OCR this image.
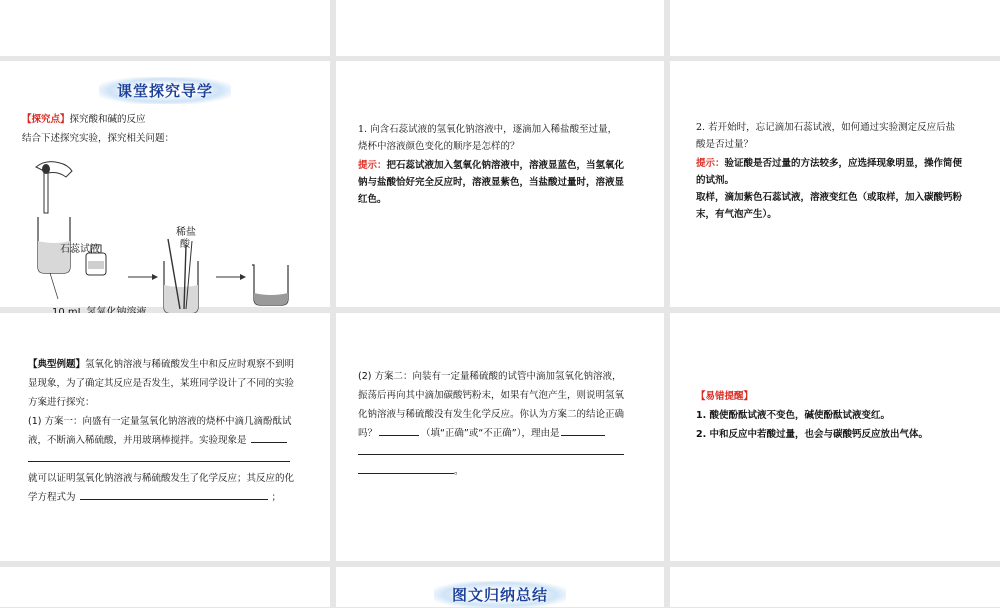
课堂探究导学
【探究点】探究酸和碱的反应
结合下述探究实验，探究相关问题：
石蕊试液
稀盐
酸

1. 向含石蕊试液的氢氧化钠溶液中，逐滴加入稀盐酸至过量，

烧杯中溶液颜色变化的顺序是怎样的？

提示：把石蕊试液加入氢氧化钠溶液中，溶液显蓝色，当氢氧化

钠与盐酸恰好完全反应时，溶液显紫色，当盐酸过量时，溶液显

红色。

2. 若开始时，忘记滴加石蕊试液，如何通过实验测定反应后盐

酸是否过量？

提示：验证酸是否过量的方法较多，应选择现象明显，操作简便

的试剂。

取样，滴加紫色石蕊试液，溶液变红色（或取样，加入碳酸钙粉

末，有气泡产生）。

【典型例题】氢氧化钠溶液与稀硫酸发生中和反应时观察不到明

显现象，为了确定其反应是否发生，某班同学设计了不同的实验

方案进行探究：

(1) 方案一：向盛有一定量氢氧化钠溶液的烧杯中滴几滴酚酞试

液，不断滴入稀硫酸，并用玻璃棒搅拌。实验现象是

就可以证明氢氧化钠溶液与稀硫酸发生了化学反应；其反应的化

学方程式为	；

(2) 方案二：向装有一定量稀硫酸的试管中滴加氢氧化钠溶液，

振荡后再向其中滴加碳酸钙粉末，如果有气泡产生，则说明氢氧

化钠溶液与稀硫酸没有发生化学反应。你认为方案二的结论正确

吗？	（填“正确”或“不正确”），理由是

。

【易错提醒】

1. 酸使酚酞试液不变色，碱使酚酞试液变红。

2. 中和反应中若酸过量，也会与碳酸钙反应放出气体。

图文归纳总结
